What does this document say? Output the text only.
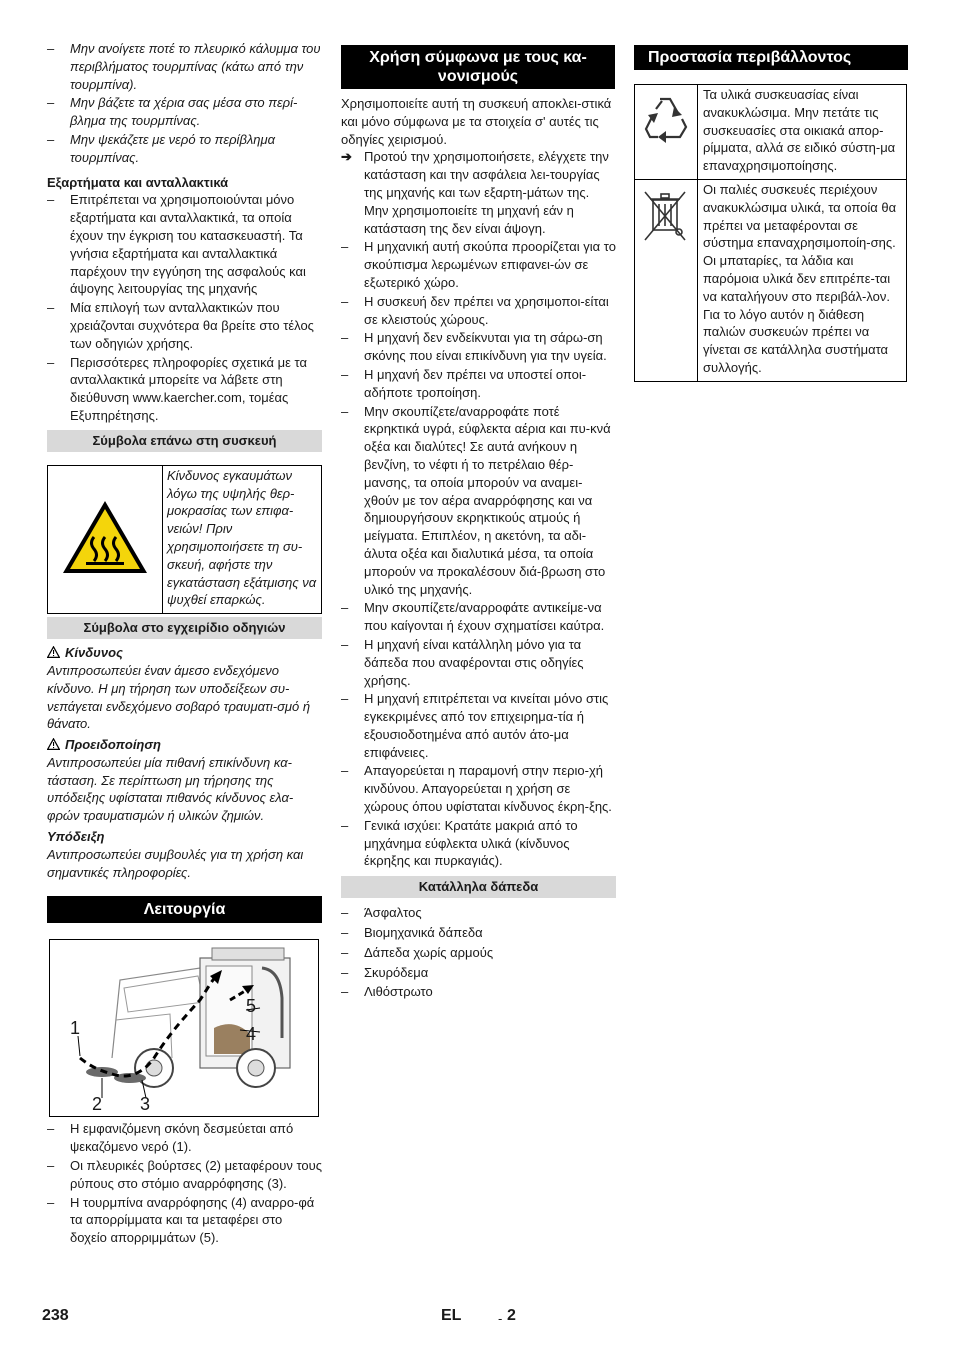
– Μην ανοίγετε ποτέ το πλευρικό κάλυμμα του περιβλήματος τουρμπίνας (κάτω από την τουρμπίνα).
– Μην βάζετε τα χέρια σας μέσα στο περί-βλημα της τουρμπίνας.
– Μην ψεκάζετε με νερό το περίβλημα τουρμπίνας.
Εξαρτήματα και ανταλλακτικά
– Επιτρέπεται να χρησιμοποιούνται μόνο εξαρτήματα και ανταλλακτικά, τα οποία έχουν την έγκριση του κατασκευαστή. Τα γνήσια εξαρτήματα και ανταλλακτικά παρέχουν την εγγύηση της ασφαλούς και άψογης λειτουργίας της μηχανής
– Μία επιλογή των ανταλλακτικών που χρειάζονται συχνότερα θα βρείτε στο τέλος των οδηγιών χρήσης.
– Περισσότερες πληροφορίες σχετικά με τα ανταλλακτικά μπορείτε να λάβετε στη διεύθυνση www.kaercher.com, τομέας Εξυπηρέτησης.
Σύμβολα επάνω στη συσκευή
	Κίνδυνος εγκαυμάτων λόγω της υψηλής θερ-μοκρασίας των επιφα-νειών! Πριν χρησιμοποιήσετε τη συ-σκευή, αφήστε την εγκατάσταση εξάτμισης να ψυχθεί επαρκώς.
Σύμβολα στο εγχειρίδιο οδηγιών
Κίνδυνος
Αντιπροσωπεύει έναν άμεσο ενδεχόμενο κίνδυνο. Η μη τήρηση των υποδείξεων συ-νεπάγεται ενδεχόμενο σοβαρό τραυματι-σμό ή θάνατο.
Προειδοποίηση
Αντιπροσωπεύει μία πιθανή επικίνδυνη κα-τάσταση. Σε περίπτωση μη τήρησης της υπόδειξης υφίσταται πιθανός κίνδυνος ελα-φρών τραυματισμών ή υλικών ζημιών.
Υπόδειξη
Αντιπροσωπεύει συμβουλές για τη χρήση και σημαντικές πληροφορίες.
Λειτουργία
1
2 3
4
5
– Η εμφανιζόμενη σκόνη δεσμεύεται από ψεκαζόμενο νερό (1).
– Οι πλευρικές βούρτσες (2) μεταφέρουν τους ρύπους στο στόμιο αναρρόφησης (3).
– Η τουρμπίνα αναρρόφησης (4) αναρρο-φά τα απορρίμματα και τα μεταφέρει στο δοχείο απορριμμάτων (5).
Χρήση σύμφωνα με τους κα-νονισμούς
Χρησιμοποιείτε αυτή τη συσκευή αποκλει-στικά και μόνο σύμφωνα με τα στοιχεία σ' αυτές τις οδηγίες χειρισμού.
➔ Προτού την χρησιμοποιήσετε, ελέγχετε την κατάσταση και την ασφάλεια λει-τουργίας της μηχανής και των εξαρτη-μάτων της. Μην χρησιμοποιείτε τη μηχανή εάν η κατάσταση της δεν είναι άψογη.
– Η μηχανική αυτή σκούπα προορίζεται για το σκούπισμα λερωμένων επιφανει-ών σε εξωτερικό χώρο.
– Η συσκευή δεν πρέπει να χρησιμοποι-είται σε κλειστούς χώρους.
– Η μηχανή δεν ενδείκνυται για τη σάρω-ση σκόνης που είναι επικίνδυνη για την υγεία.
– Η μηχανή δεν πρέπει να υποστεί οποι-αδήποτε τροποίηση.
– Μην σκουπίζετε/αναρροφάτε ποτέ εκρηκτικά υγρά, εύφλεκτα αέρια και πυ-κνά οξέα και διαλύτες! Σε αυτά ανήκουν η βενζίνη, το νέφτι ή το πετρέλαιο θέρ-μανσης, τα οποία μπορούν να αναμει-χθούν με τον αέρα αναρρόφησης και να δημιουργήσουν εκρηκτικούς ατμούς ή μείγματα. Επιπλέον, η ακετόνη, τα αδι-άλυτα οξέα και διαλυτικά μέσα, τα οποία μπορούν να προκαλέσουν διά-βρωση στο υλικό της μηχανής.
– Μην σκουπίζετε/αναρροφάτε αντικείμε-να που καίγονται ή έχουν σχηματίσει καύτρα.
– Η μηχανή είναι κατάλληλη μόνο για τα δάπεδα που αναφέρονται στις οδηγίες χρήσης.
– Η μηχανή επιτρέπεται να κινείται μόνο στις εγκεκριμένες από τον επιχειρημα-τία ή εξουσιοδοτημένα από αυτόν άτο-μα επιφάνειες.
– Απαγορεύεται η παραμονή στην περιο-χή κινδύνου. Απαγορεύεται η χρήση σε χώρους όπου υφίσταται κίνδυνος έκρη-ξης.
– Γενικά ισχύει: Κρατάτε μακριά από το μηχάνημα εύφλεκτα υλικά (κίνδυνος έκρηξης και πυρκαγιάς).
Κατάλληλα δάπεδα
– Άσφαλτος
– Βιομηχανικά δάπεδα
– Δάπεδα χωρίς αρμούς
– Σκυρόδεμα
– Λιθόστρωτο
Προστασία περιβάλλοντος
	Τα υλικά συσκευασίας είναι ανακυκλώσιμα. Μην πετάτε τις συσκευασίες στα οικιακά απορ-ρίμματα, αλλά σε ειδικό σύστη-μα επαναχρησιμοποίησης.
	Οι παλιές συσκευές περιέχουν ανακυκλώσιμα υλικά, τα οποία θα πρέπει να μεταφέρονται σε σύστημα επαναχρησιμοποίη-σης. Οι μπαταρίες, τα λάδια και παρόμοια υλικά δεν επιτρέπε-ται να καταλήγουν στο περιβάλ-λον. Για το λόγο αυτόν η διάθεση παλιών συσκευών πρέπει να γίνεται σε κατάλληλα συστήματα συλλογής.
238	EL	- 2
